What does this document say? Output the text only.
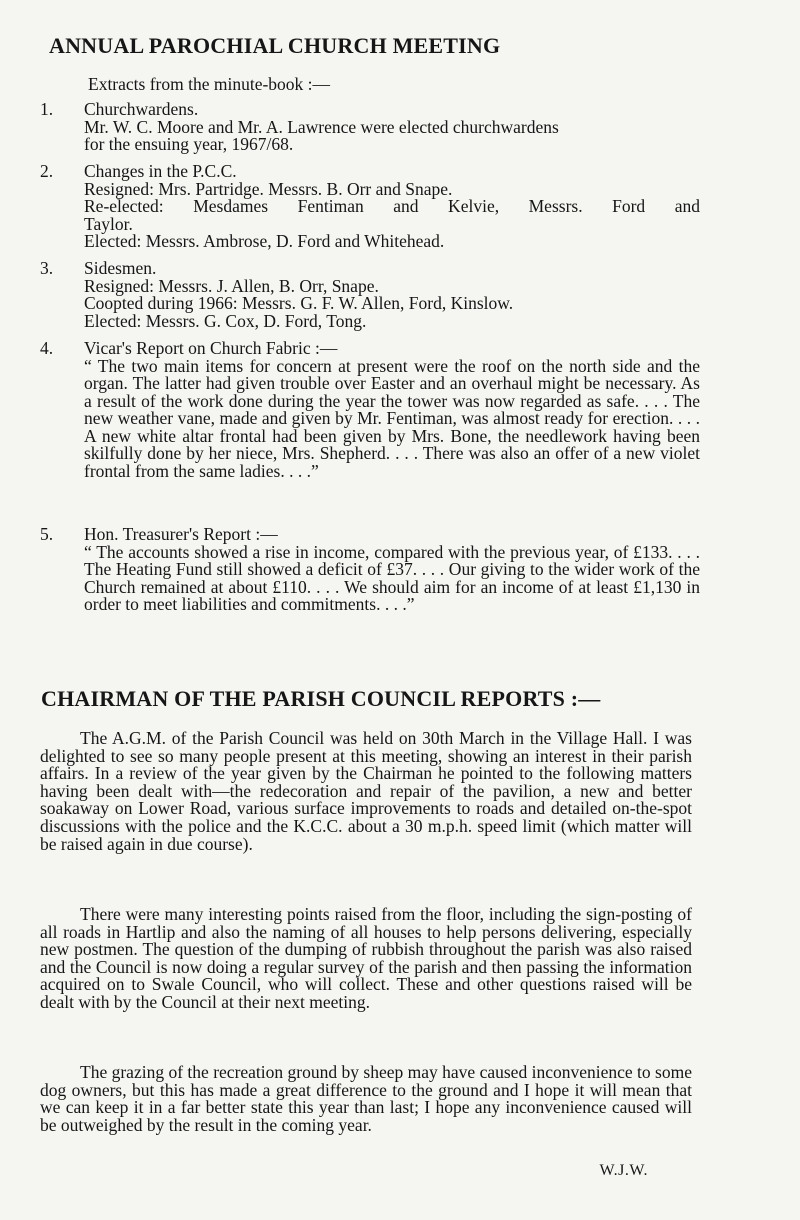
ANNUAL PAROCHIAL CHURCH MEETING
Extracts from the minute-book :—
1.	Churchwardens.
Mr. W. C. Moore and Mr. A. Lawrence were elected churchwardens
for the ensuing year, 1967/68.
2.	Changes in the P.C.C.
Resigned: Mrs. Partridge. Messrs. B. Orr and Snape.
Re-elected: Mesdames Fentiman and Kelvie, Messrs. Ford and
Taylor.
Elected: Messrs. Ambrose, D. Ford and Whitehead.
3.	Sidesmen.
Resigned: Messrs. J. Allen, B. Orr, Snape.
Coopted during 1966: Messrs. G. F. W. Allen, Ford, Kinslow.
Elected: Messrs. G. Cox, D. Ford, Tong.
4.	Vicar's Report on Church Fabric :—
“ The two main items for concern at present were the roof on the north side and the organ. The latter had given trouble over Easter and an overhaul might be necessary. As a result of the work done during the year the tower was now regarded as safe. . . . The new weather vane, made and given by Mr. Fentiman, was almost ready for erection. . . . A new white altar frontal had been given by Mrs. Bone, the needlework having been skilfully done by her niece, Mrs. Shepherd. . . . There was also an offer of a new violet frontal from the same ladies. . . .”
5.	Hon. Treasurer's Report :—
“ The accounts showed a rise in income, compared with the previous year, of £133. . . . The Heating Fund still showed a deficit of £37. . . . Our giving to the wider work of the Church remained at about £110. . . . We should aim for an income of at least £1,130 in order to meet liabilities and commitments. . . .”
CHAIRMAN OF THE PARISH COUNCIL REPORTS :—
The A.G.M. of the Parish Council was held on 30th March in the Village Hall. I was delighted to see so many people present at this meeting, showing an interest in their parish affairs. In a review of the year given by the Chairman he pointed to the following matters having been dealt with—the redecoration and repair of the pavilion, a new and better soakaway on Lower Road, various surface improvements to roads and detailed on-the-spot discussions with the police and the K.C.C. about a 30 m.p.h. speed limit (which matter will be raised again in due course).
There were many interesting points raised from the floor, including the sign-posting of all roads in Hartlip and also the naming of all houses to help persons delivering, especially new postmen. The question of the dumping of rubbish throughout the parish was also raised and the Council is now doing a regular survey of the parish and then passing the information acquired on to Swale Council, who will collect. These and other questions raised will be dealt with by the Council at their next meeting.
The grazing of the recreation ground by sheep may have caused inconvenience to some dog owners, but this has made a great difference to the ground and I hope it will mean that we can keep it in a far better state this year than last; I hope any inconvenience caused will be outweighed by the result in the coming year.
W.J.W.
